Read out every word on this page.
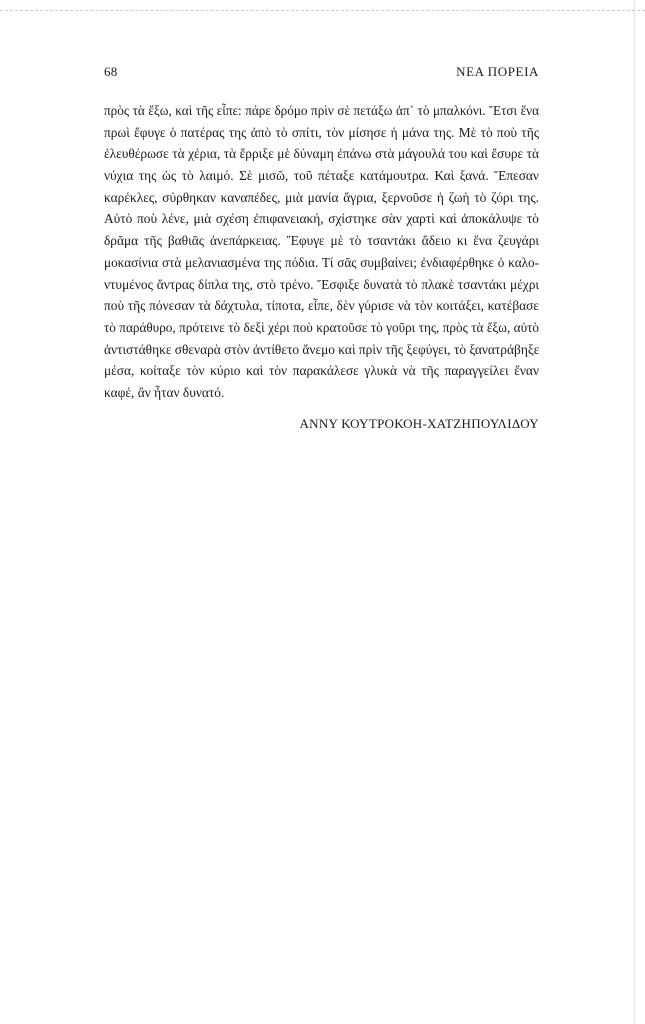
68	ΝΕΑ ΠΟΡΕΙΑ
πρὸς τὰ ἔξω, καὶ τῆς εἶπε: πάρε δρόμο πρὶν σὲ πετάξω ἀπ᾽ τὸ μπαλκόνι. Ἔτσι ἕνα
πρωὶ ἔφυγε ὁ πατέρας της ἀπὸ τὸ σπίτι, τὸν μίσησε ἡ μάνα της. Μὲ τὸ ποὺ τῆς
ἐλευθέρωσε τὰ χέρια, τὰ ἔρριξε μὲ δύναμη ἐπάνω στὰ μάγουλά του καὶ ἔσυρε τὰ
νύχια της ὡς τὸ λαιμό. Σὲ μισῶ, τοῦ πέταξε κατάμουτρα. Καὶ ξανά. Ἔπεσαν
καρέκλες, σύρθηκαν καναπέδες, μιὰ μανία ἄγρια, ξερνοῦσε ἡ ζωὴ τὸ ζόρι της.
Αὐτὸ ποὺ λένε, μιὰ σχέση ἐπιφανειακή, σχίστηκε σὰν χαρτὶ καὶ ἀποκάλυψε τὸ
δρᾶμα τῆς βαθιᾶς ἀνεπάρκειας. Ἔφυγε μὲ τὸ τσαντάκι ἄδειο κι ἕνα ζευγάρι
μοκασίνια στὰ μελανιασμένα της πόδια. Τί σᾶς συμβαίνει; ἐνδιαφέρθηκε ὁ καλο-
ντυμένος ἄντρας δίπλα της, στὸ τρένο. Ἔσφιξε δυνατὰ τὸ πλακὲ τσαντάκι μέχρι
ποὺ τῆς πόνεσαν τὰ δάχτυλα, τίποτα, εἶπε, δὲν γύρισε νὰ τὸν κοιτάξει, κατέβασε
τὸ παράθυρο, πρότεινε τὸ δεξὶ χέρι ποὺ κρατοῦσε τὸ γοῦρι της, πρὸς τὰ ἔξω, αὐτὸ
ἀντιστάθηκε σθεναρὰ στὸν ἀντίθετο ἄνεμο καὶ πρὶν τῆς ξεφύγει, τὸ ξανατράβηξε
μέσα, κοίταξε τὸν κύριο καὶ τὸν παρακάλεσε γλυκὰ νὰ τῆς παραγγείλει ἕναν
καφέ, ἂν ἦταν δυνατό.
ΑΝΝΥ ΚΟΥΤΡΟΚΟΗ-ΧΑΤΖΗΠΟΥΛΙΔΟΥ
